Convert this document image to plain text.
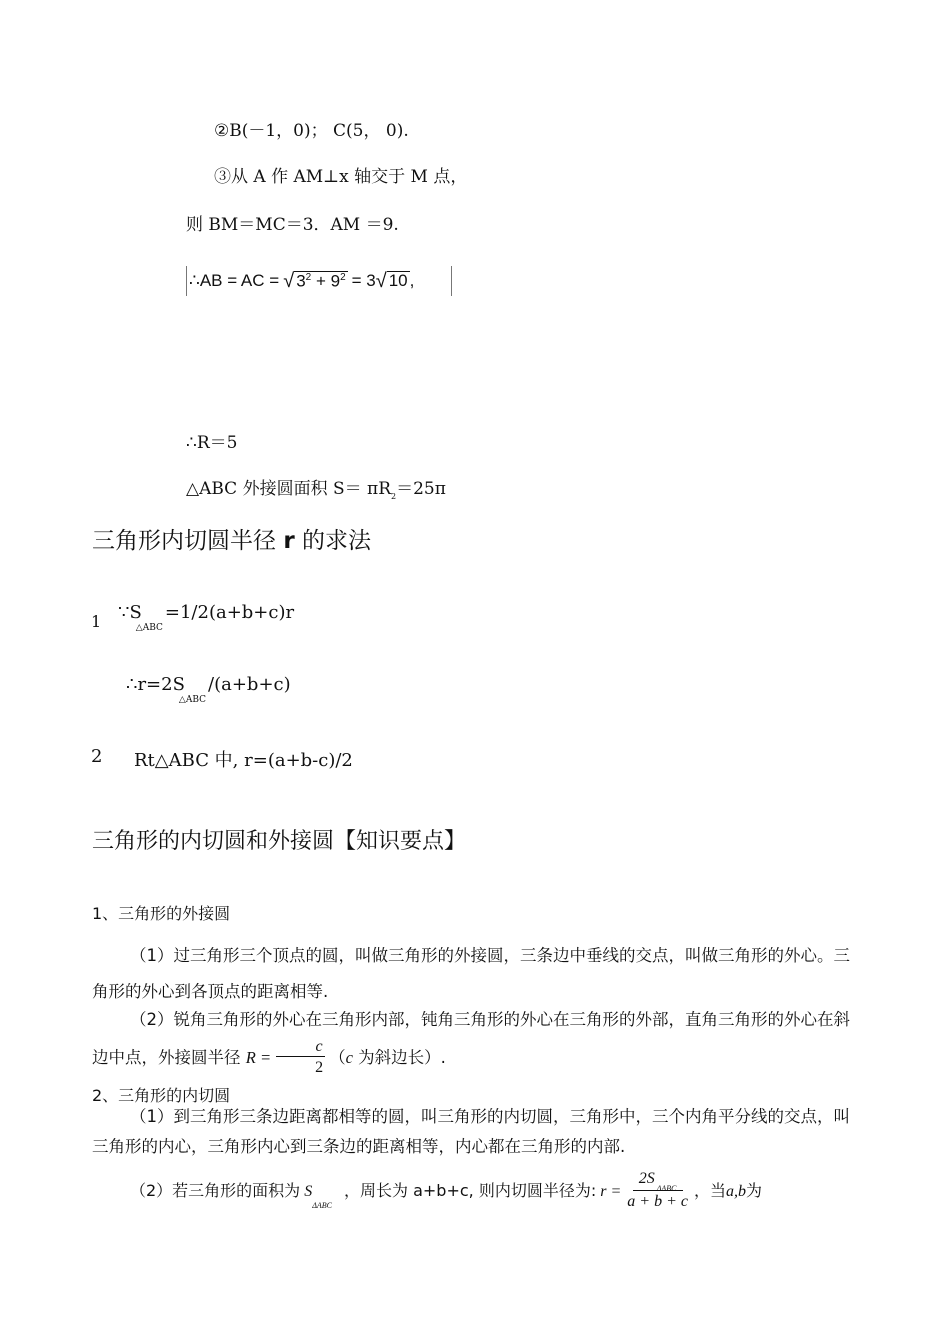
②B(－1，0)； C(5， 0).
③从 A 作 AM⊥x 轴交于 M 点，
则 BM＝MC＝3．AM ＝9.
∴AB = AC = √ $3^2 + 9^2 = 3$ √ 10 ,
∴R＝5
△ABC 外接圆面积 $S= \pi R_2=25\pi$
三角形内切圆半径 r 的求法
1 $\because S_{\triangle ABC}=1/2(a+b+c)r$
$\therefore r=2S_{\triangle ABC}/(a+b+c)$
2 Rt△ABC 中, r=(a+b-c)/2
三角形的内切圆和外接圆【知识要点】
1、三角形的外接圆
（1）过三角形三个顶点的圆，叫做三角形的外接圆，三条边中垂线的交点，叫做三角形的外心。三角形的外心到各顶点的距离相等.
（2）锐角三角形的外心在三角形内部，钝角三角形的外心在三角形的外部，直角三角形的外心在斜边中点，外接圆半径 $R = \frac{c}{2} (c$ 为斜边长）.
2、三角形的内切圆
（1）到三角形三条边距离都相等的圆，叫三角形的内切圆，三角形中，三个内角平分线的交点，叫三角形的内心，三角形内心到三条边的距离相等，内心都在三角形的内部.
（2）若三角形的面积为 $S_{\Delta ABC}$，周长为 a+b+c, 则内切圆半径为: $r = \frac{2S_{\Delta ABC}}{a + b + c}$ ，当a,b为
